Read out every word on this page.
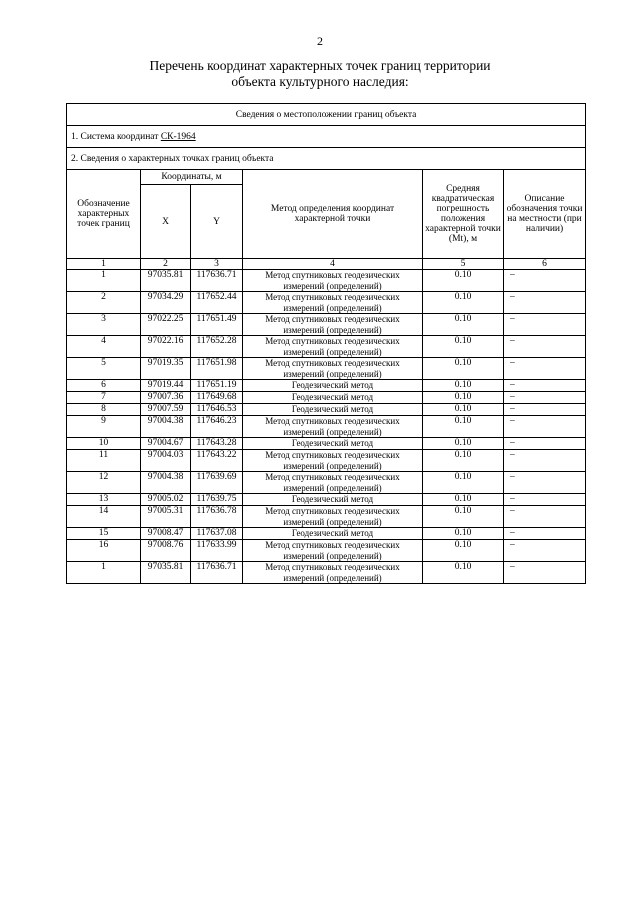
2
Перечень координат характерных точек границ территории
объекта культурного наследия:
Сведения о местоположении границ объекта					
1. Система координат СК-1964					
2. Сведения о характерных точках границ объекта					
Обозначение характерных точек границ	Координаты, м		Метод определения координат характерной точки	Средняя квадратическая погрешность положения характерной точки (Mt), м	Описание обозначения точки на местности (при наличии)
	X	Y			
1	2	3	4	5	6
1	97035.81	117636.71	Метод спутниковых геодезических измерений (определений)	0.10	–
2	97034.29	117652.44	Метод спутниковых геодезических измерений (определений)	0.10	–
3	97022.25	117651.49	Метод спутниковых геодезических измерений (определений)	0.10	–
4	97022.16	117652.28	Метод спутниковых геодезических измерений (определений)	0.10	–
5	97019.35	117651.98	Метод спутниковых геодезических измерений (определений)	0.10	–
6	97019.44	117651.19	Геодезический метод	0.10	–
7	97007.36	117649.68	Геодезический метод	0.10	–
8	97007.59	117646.53	Геодезический метод	0.10	–
9	97004.38	117646.23	Метод спутниковых геодезических измерений (определений)	0.10	–
10	97004.67	117643.28	Геодезический метод	0.10	–
11	97004.03	117643.22	Метод спутниковых геодезических измерений (определений)	0.10	–
12	97004.38	117639.69	Метод спутниковых геодезических измерений (определений)	0.10	–
13	97005.02	117639.75	Геодезический метод	0.10	–
14	97005.31	117636.78	Метод спутниковых геодезических измерений (определений)	0.10	–
15	97008.47	117637.08	Геодезический метод	0.10	–
16	97008.76	117633.99	Метод спутниковых геодезических измерений (определений)	0.10	–
1	97035.81	117636.71	Метод спутниковых геодезических измерений (определений)	0.10	–
